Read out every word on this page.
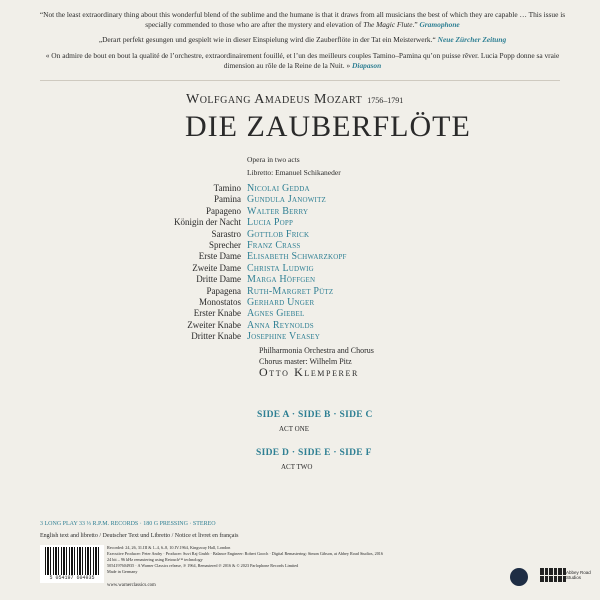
“Not the least extraordinary thing about this wonderful blend of the sublime and the humane is that it draws from all musicians the best of which they are capable … This issue is specially commended to those who are after the mystery and elevation of The Magic Flute.” Gramophone
„Derart perfekt gesungen und gespielt wie in dieser Einspielung wird die Zauberflöte in der Tat ein Meisterwerk.“ Neue Zürcher Zeitung
« On admire de bout en bout la qualité de l’orchestre, extraordinairement fouillé, et l’un des meilleurs couples Tamino–Pamina qu’on puisse rêver. Lucia Popp donne sa vraie dimension au rôle de la Reine de la Nuit. » Diapason
Wolfgang Amadeus Mozart 1756–1791
DIE ZAUBERFLÖTE
Opera in two acts
Libretto: Emanuel Schikaneder
Tamino Nicolai Gedda
Pamina Gundula Janowitz
Papageno Walter Berry
Königin der Nacht Lucia Popp
Sarastro Gottlob Frick
Sprecher Franz Crass
Erste Dame Elisabeth Schwarzkopf
Zweite Dame Christa Ludwig
Dritte Dame Marga Höffgen
Papagena Ruth-Margret Pütz
Monostatos Gerhard Unger
Erster Knabe Agnes Giebel
Zweiter Knabe Anna Reynolds
Dritter Knabe Josephine Veasey
Philharmonia Orchestra and Chorus
Chorus master: Wilhelm Pitz
Otto Klemperer
SIDE A · SIDE B · SIDE C
ACT ONE
SIDE D · SIDE E · SIDE F
ACT TWO
3 LONG PLAY 33 ⅓ R.P.M. RECORDS · 180 G PRESSING · STEREO
English text and libretto / Deutscher Text und Libretto / Notice et livret en français
5 054197 604935
Recorded: 24, 26, 31.III & 1–4, 6–8, 10.IV.1964, Kingsway Hall, London
Executive Producer: Peter Andry · Producer: Suvi Raj Grubb · Balance Engineer: Robert Gooch · Digital Remastering: Simon Gibson, at Abbey Road Studios, 2016
24 bit – 96 kHz remastering using Retouch™ technology
5054197604935 · A Warner Classics release, ℗ 1964, Remastered ℗ 2016 & © 2023 Parlophone Records Limited
Made in Germany
www.warnerclassics.com
Abbey Road Studios
